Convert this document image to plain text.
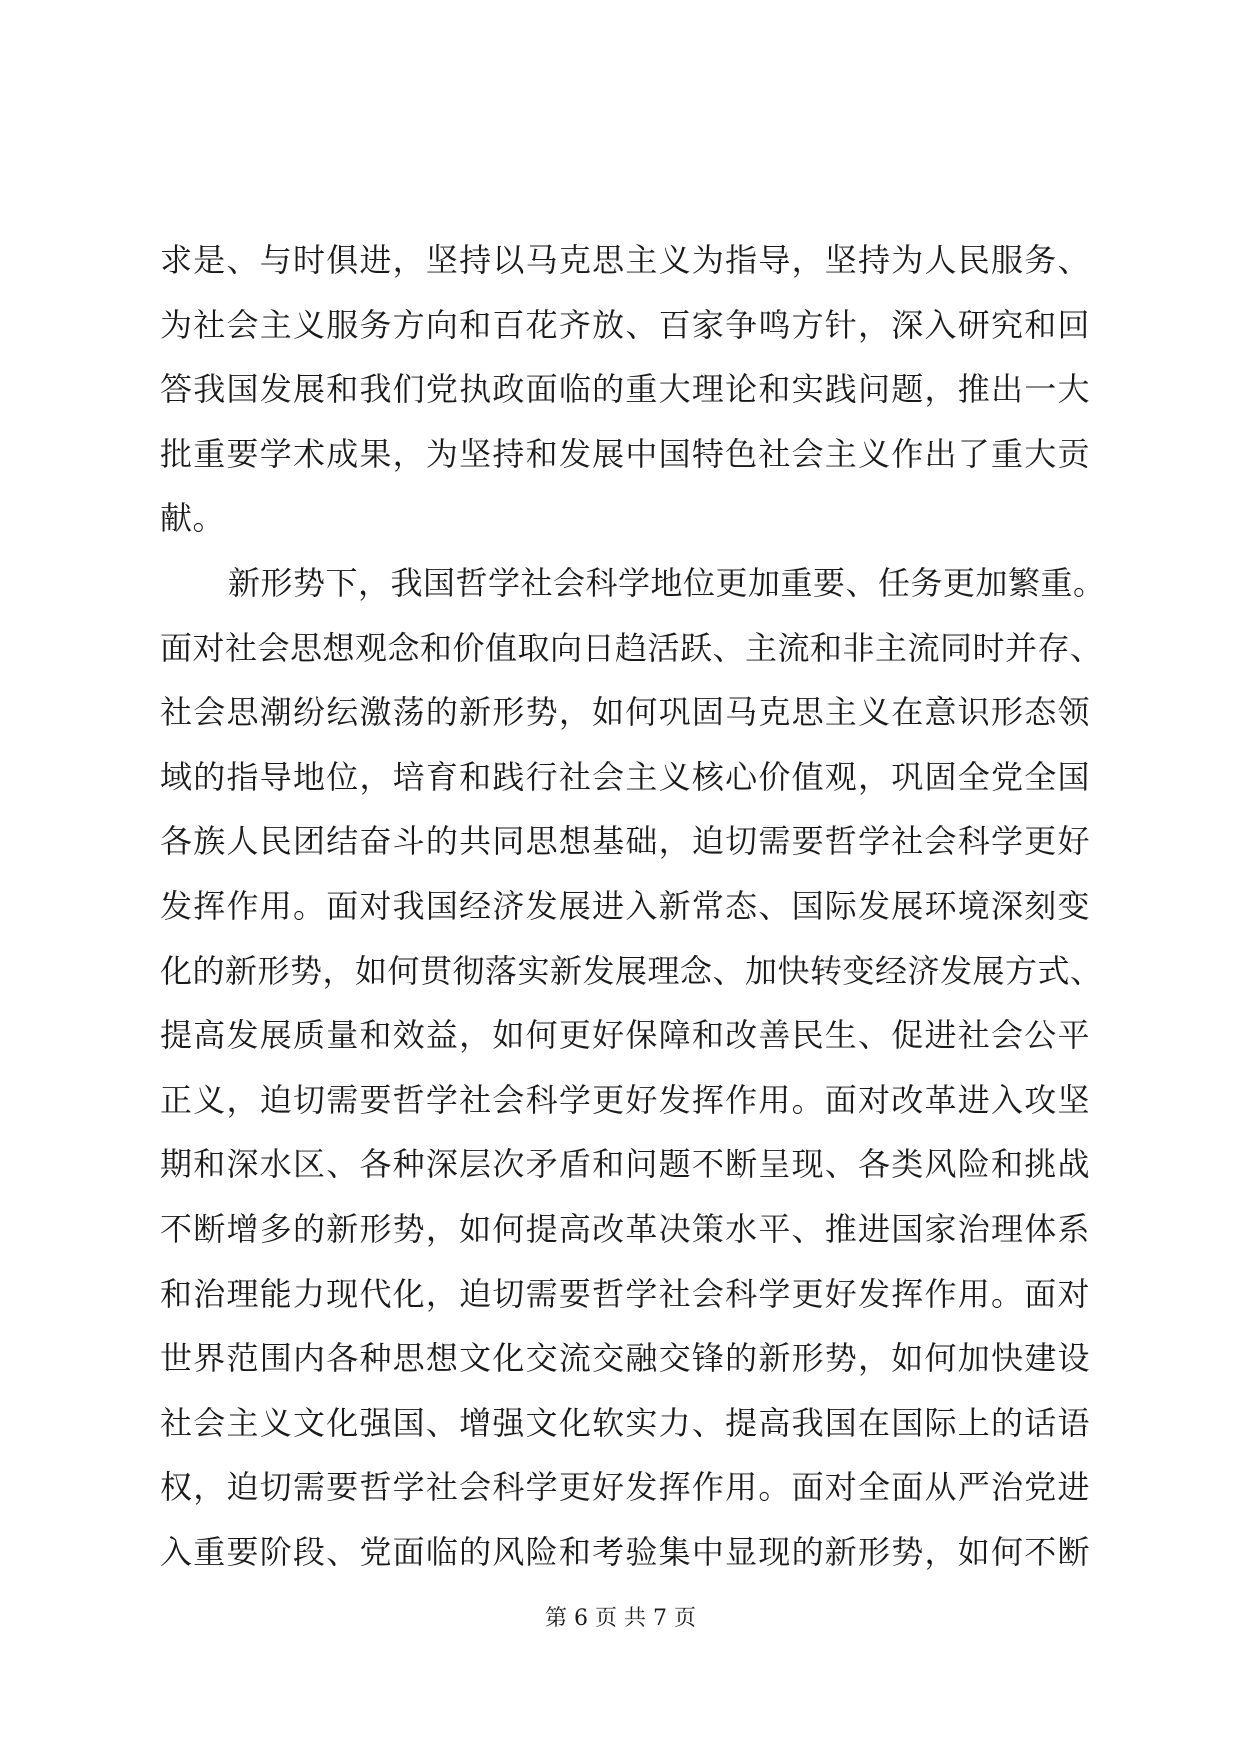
求是、与时俱进，坚持以马克思主义为指导，坚持为人民服务、
为社会主义服务方向和百花齐放、百家争鸣方针，深入研究和回
答我国发展和我们党执政面临的重大理论和实践问题，推出一大
批重要学术成果，为坚持和发展中国特色社会主义作出了重大贡
献。
新形势下，我国哲学社会科学地位更加重要、任务更加繁重。
面对社会思想观念和价值取向日趋活跃、主流和非主流同时并存、
社会思潮纷纭激荡的新形势，如何巩固马克思主义在意识形态领
域的指导地位，培育和践行社会主义核心价值观，巩固全党全国
各族人民团结奋斗的共同思想基础，迫切需要哲学社会科学更好
发挥作用。面对我国经济发展进入新常态、国际发展环境深刻变
化的新形势，如何贯彻落实新发展理念、加快转变经济发展方式、
提高发展质量和效益，如何更好保障和改善民生、促进社会公平
正义，迫切需要哲学社会科学更好发挥作用。面对改革进入攻坚
期和深水区、各种深层次矛盾和问题不断呈现、各类风险和挑战
不断增多的新形势，如何提高改革决策水平、推进国家治理体系
和治理能力现代化，迫切需要哲学社会科学更好发挥作用。面对
世界范围内各种思想文化交流交融交锋的新形势，如何加快建设
社会主义文化强国、增强文化软实力、提高我国在国际上的话语
权，迫切需要哲学社会科学更好发挥作用。面对全面从严治党进
入重要阶段、党面临的风险和考验集中显现的新形势，如何不断
第 6 页 共 7 页
